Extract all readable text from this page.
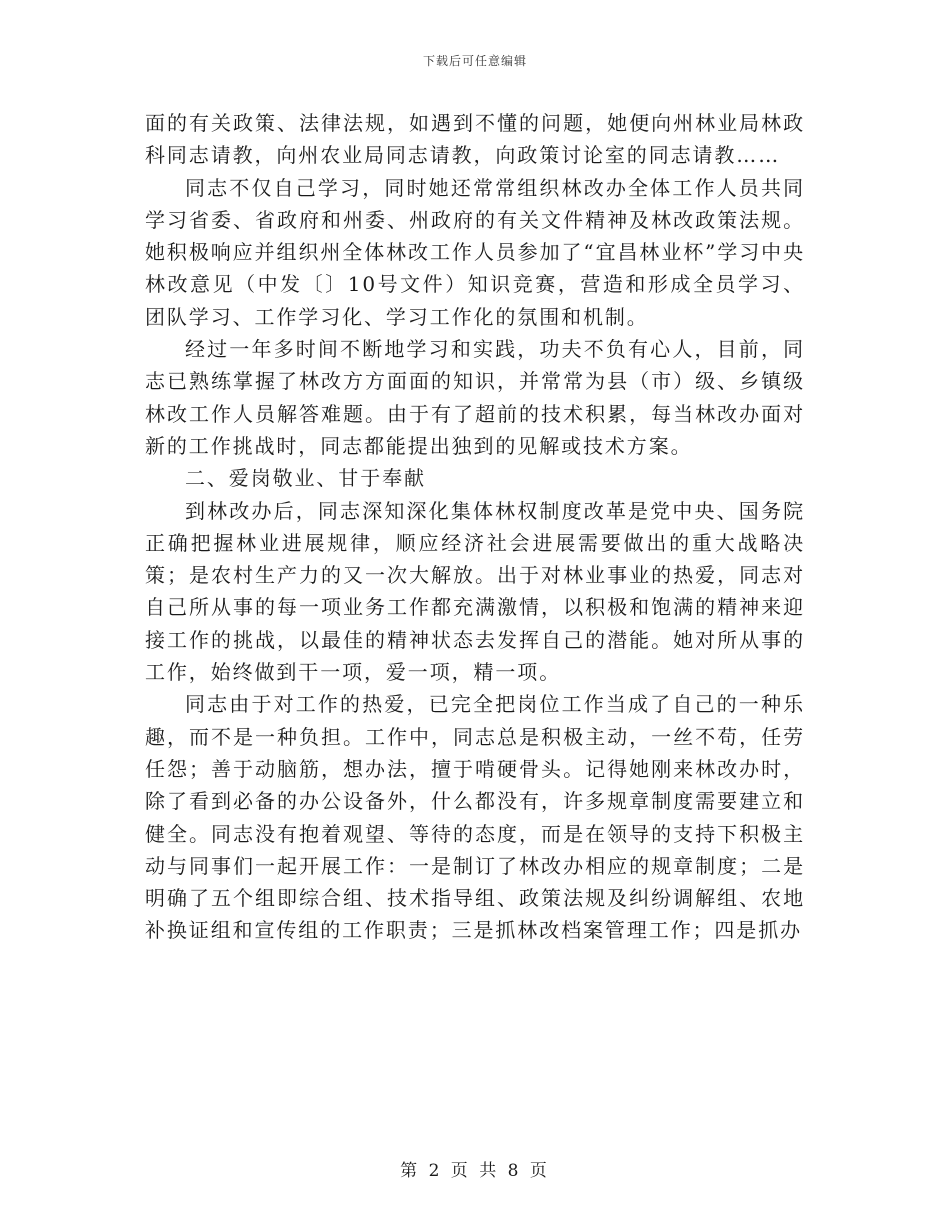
下载后可任意编辑

面的有关政策、法律法规，如遇到不懂的问题，她便向州林业局林政科同志请教，向州农业局同志请教，向政策讨论室的同志请教……

同志不仅自己学习，同时她还常常组织林改办全体工作人员共同学习省委、省政府和州委、州政府的有关文件精神及林改政策法规。她积极响应并组织州全体林改工作人员参加了“宜昌林业杯”学习中央林改意见（中发〔〕10号文件）知识竞赛，营造和形成全员学习、团队学习、工作学习化、学习工作化的氛围和机制。

经过一年多时间不断地学习和实践，功夫不负有心人，目前，同志已熟练掌握了林改方方面面的知识，并常常为县（市）级、乡镇级林改工作人员解答难题。由于有了超前的技术积累，每当林改办面对新的工作挑战时，同志都能提出独到的见解或技术方案。

二、爱岗敬业、甘于奉献

到林改办后，同志深知深化集体林权制度改革是党中央、国务院正确把握林业进展规律，顺应经济社会进展需要做出的重大战略决策；是农村生产力的又一次大解放。出于对林业事业的热爱，同志对自己所从事的每一项业务工作都充满激情，以积极和饱满的精神来迎接工作的挑战，以最佳的精神状态去发挥自己的潜能。她对所从事的工作，始终做到干一项，爱一项，精一项。

同志由于对工作的热爱，已完全把岗位工作当成了自己的一种乐趣，而不是一种负担。工作中，同志总是积极主动，一丝不苟，任劳任怨；善于动脑筋，想办法，擅于啃硬骨头。记得她刚来林改办时，除了看到必备的办公设备外，什么都没有，许多规章制度需要建立和健全。同志没有抱着观望、等待的态度，而是在领导的支持下积极主动与同事们一起开展工作：一是制订了林改办相应的规章制度；二是明确了五个组即综合组、技术指导组、政策法规及纠纷调解组、农地补换证组和宣传组的工作职责；三是抓林改档案管理工作；四是抓办

第 2 页 共 8 页
